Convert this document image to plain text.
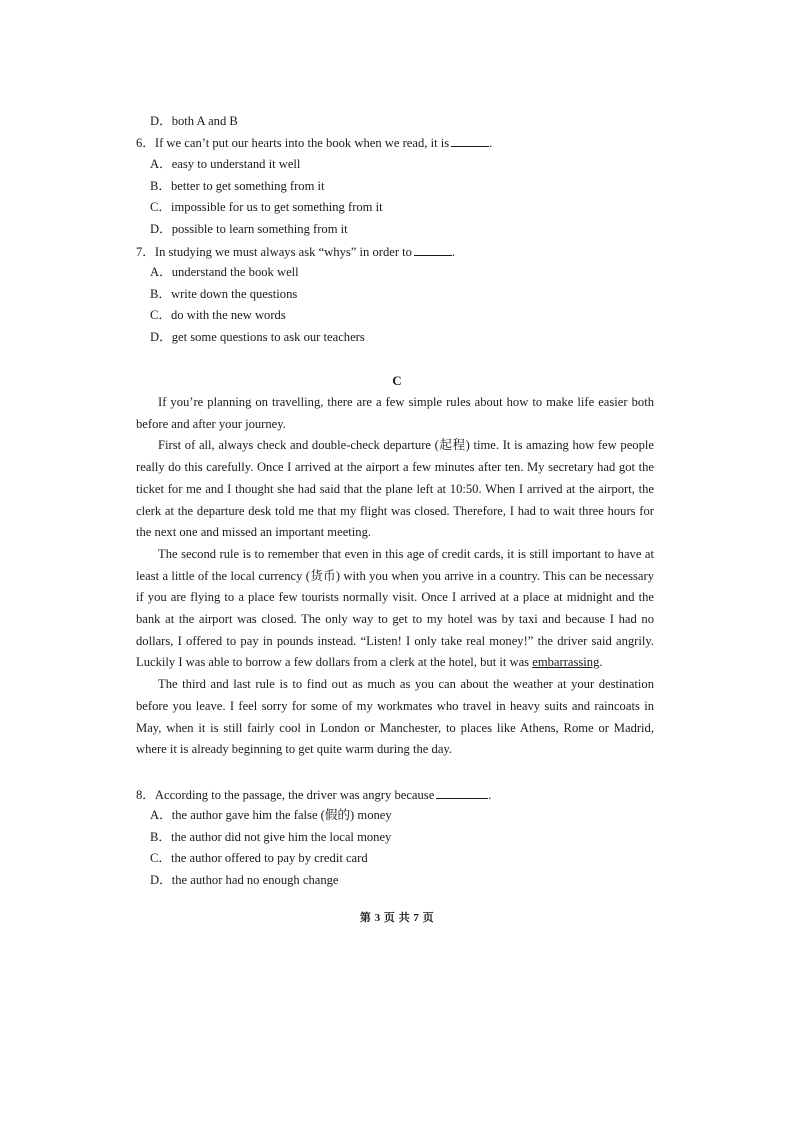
D．both A and B
6．If we can’t put our hearts into the book when we read, it is	.
A．easy to understand it well
B．better to get something from it
C．impossible for us to get something from it
D．possible to learn something from it
7．In studying we must always ask “whys” in order to	.
A．understand the book well
B．write down the questions
C．do with the new words
D．get some questions to ask our teachers
C

If you’re planning on travelling, there are a few simple rules about how to make life easier both before and after your journey.

First of all, always check and double-check departure (起程) time. It is amazing how few people really do this carefully. Once I arrived at the airport a few minutes after ten. My secretary had got the ticket for me and I thought she had said that the plane left at 10:50. When I arrived at the airport, the clerk at the departure desk told me that my flight was closed. Therefore, I had to wait three hours for the next one and missed an important meeting.

The second rule is to remember that even in this age of credit cards, it is still important to have at least a little of the local currency (货币) with you when you arrive in a country. This can be necessary if you are flying to a place few tourists normally visit. Once I arrived at a place at midnight and the bank at the airport was closed. The only way to get to my hotel was by taxi and because I had no dollars, I offered to pay in pounds instead. “Listen! I only take real money!” the driver said angrily. Luckily I was able to borrow a few dollars from a clerk at the hotel, but it was embarrassing.

The third and last rule is to find out as much as you can about the weather at your destination before you leave. I feel sorry for some of my workmates who travel in heavy suits and raincoats in May, when it is still fairly cool in London or Manchester, to places like Athens, Rome or Madrid, where it is already beginning to get quite warm during the day.

8．According to the passage, the driver was angry because	.
A．the author gave him the false (假的) money
B．the author did not give him the local money
C．the author offered to pay by credit card
D．the author had no enough change
第 3 页 共 7 页
